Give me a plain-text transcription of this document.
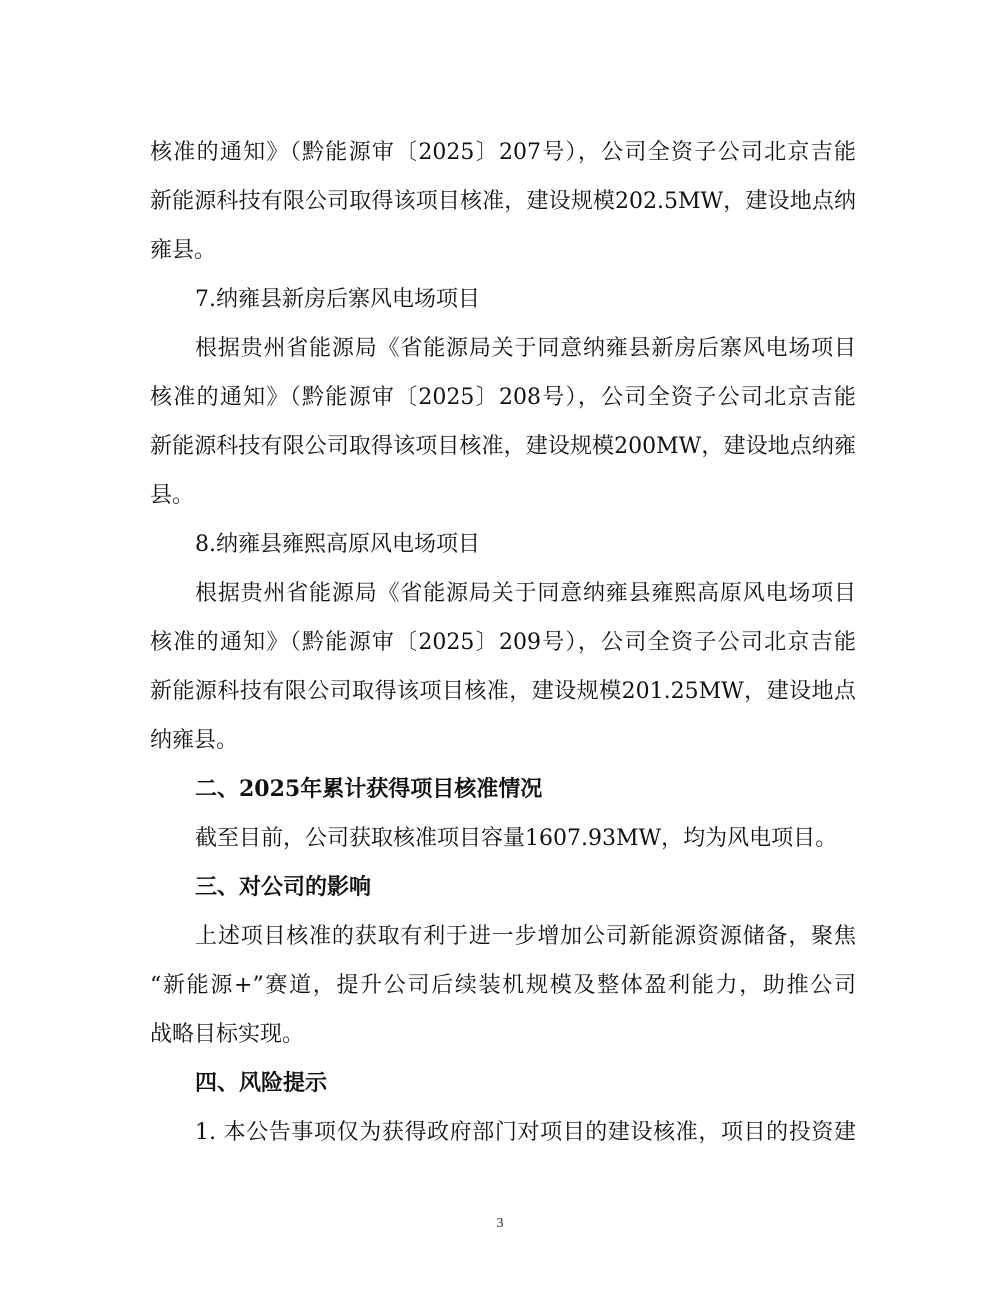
核准的通知》（黔能源审〔2025〕207号），公司全资子公司北京吉能
新能源科技有限公司取得该项目核准，建设规模202.5MW，建设地点纳
雍县。
7.纳雍县新房后寨风电场项目
根据贵州省能源局《省能源局关于同意纳雍县新房后寨风电场项目
核准的通知》（黔能源审〔2025〕208号），公司全资子公司北京吉能
新能源科技有限公司取得该项目核准，建设规模200MW，建设地点纳雍
县。
8.纳雍县雍熙高原风电场项目
根据贵州省能源局《省能源局关于同意纳雍县雍熙高原风电场项目
核准的通知》（黔能源审〔2025〕209号），公司全资子公司北京吉能
新能源科技有限公司取得该项目核准，建设规模201.25MW，建设地点
纳雍县。
二、2025年累计获得项目核准情况
截至目前，公司获取核准项目容量1607.93MW，均为风电项目。
三、对公司的影响
上述项目核准的获取有利于进一步增加公司新能源资源储备，聚焦
“新能源+”赛道，提升公司后续装机规模及整体盈利能力，助推公司
战略目标实现。
四、风险提示
1. 本公告事项仅为获得政府部门对项目的建设核准，项目的投资建
3
